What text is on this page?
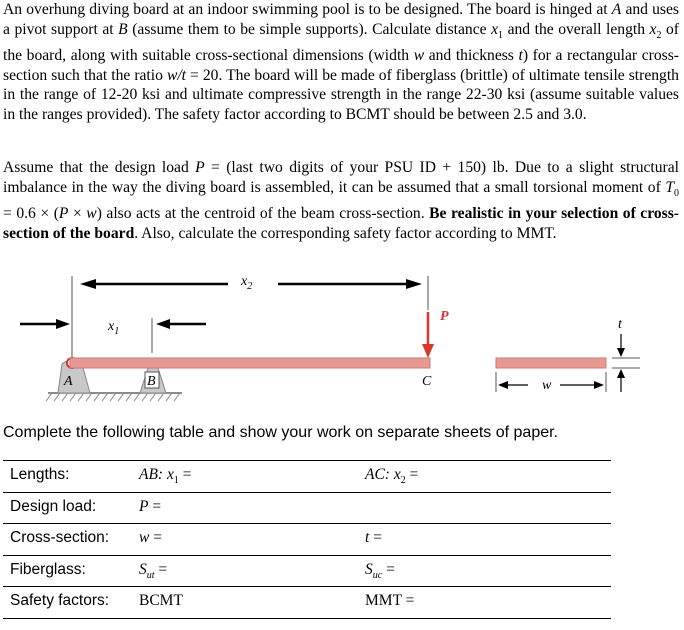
An overhung diving board at an indoor swimming pool is to be designed. The board is hinged at A and uses a pivot support at B (assume them to be simple supports). Calculate distance $x_1$ and the overall length $x_2$ of the board, along with suitable cross-sectional dimensions (width w and thickness t) for a rectangular cross-section such that the ratio w/t = 20. The board will be made of fiberglass (brittle) of ultimate tensile strength in the range of 12-20 ksi and ultimate compressive strength in the range 22-30 ksi (assume suitable values in the ranges provided). The safety factor according to BCMT should be between 2.5 and 3.0.

Assume that the design load P = (last two digits of your PSU ID + 150) lb. Due to a slight structural imbalance in the way the diving board is assembled, it can be assumed that a small torsional moment of $T_0 = 0.6 \times (P \times w)$ also acts at the centroid of the beam cross-section. Be realistic in your selection of cross-section of the board. Also, calculate the corresponding safety factor according to MMT.

$x_2$
$x_1$
A	B
P
C	w
t
Complete the following table and show your work on separate sheets of paper.
Lengths:	AB: $x_1$ =	AC: $x_2$ =
Design load:	P =
Cross-section: w =	t =
Fiberglass:	$S_{ut}$ =	$S_{uc}$ =
Safety factors: BCMT	MMT =
